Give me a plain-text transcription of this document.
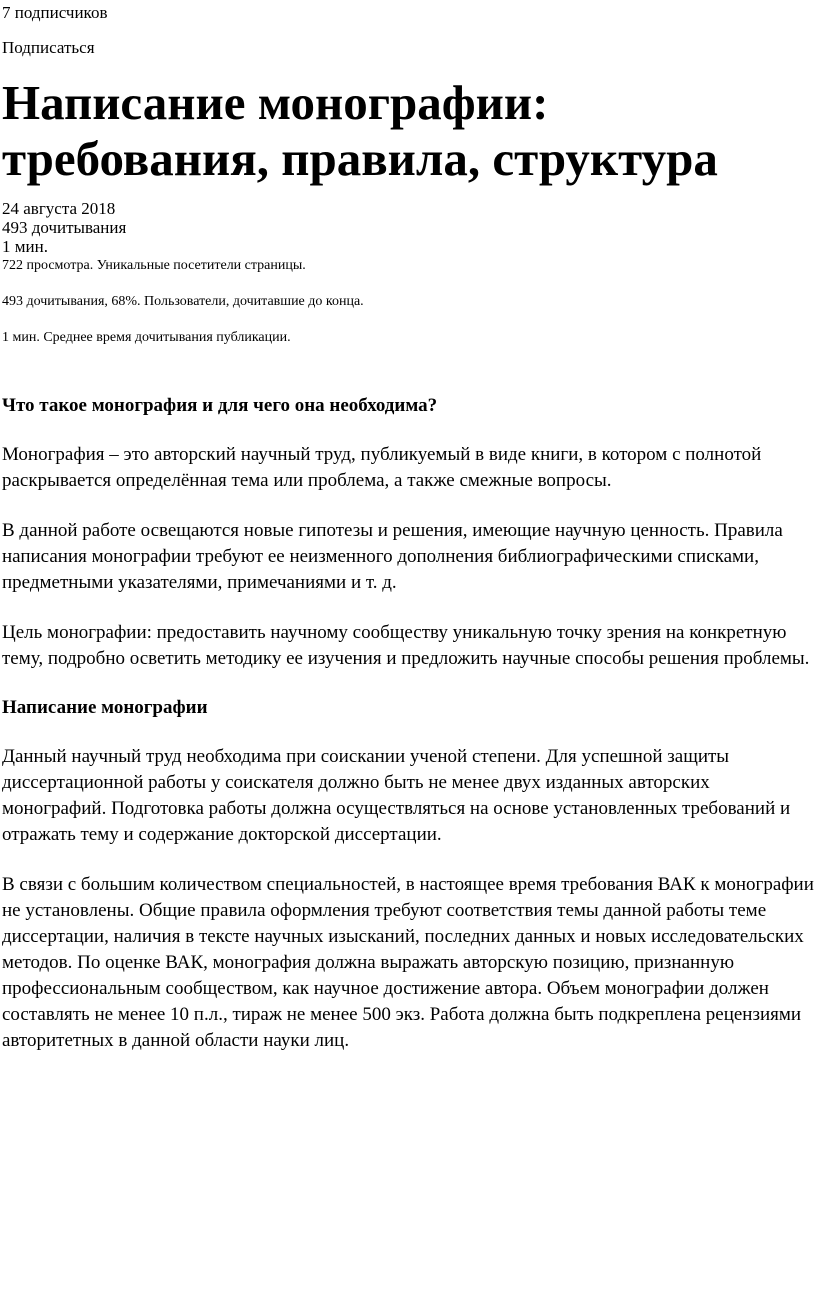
7 подписчиков

Подписаться
Написание монографии: требования, правила, структура
24 августа 2018
493 дочитывания
1 мин.

722 просмотра. Уникальные посетители страницы.

493 дочитывания, 68%. Пользователи, дочитавшие до конца.

1 мин. Среднее время дочитывания публикации.

Что такое монография и для чего она необходима?

Монография – это авторский научный труд, публикуемый в виде книги, в котором с полнотой раскрывается определённая тема или проблема, а также смежные вопросы.

В данной работе освещаются новые гипотезы и решения, имеющие научную ценность. Правила написания монографии требуют ее неизменного дополнения библиографическими списками, предметными указателями, примечаниями и т. д.

Цель монографии: предоставить научному сообществу уникальную точку зрения на конкретную тему, подробно осветить методику ее изучения и предложить научные способы решения проблемы.

Написание монографии

Данный научный труд необходима при соискании ученой степени. Для успешной защиты диссертационной работы у соискателя должно быть не менее двух изданных авторских монографий. Подготовка работы должна осуществляться на основе установленных требований и отражать тему и содержание докторской диссертации.

В связи с большим количеством специальностей, в настоящее время требования ВАК к монографии не установлены. Общие правила оформления требуют соответствия темы данной работы теме диссертации, наличия в тексте научных изысканий, последних данных и новых исследовательских методов. По оценке ВАК, монография должна выражать авторскую позицию, признанную профессиональным сообществом, как научное достижение автора. Объем монографии должен составлять не менее 10 п.л., тираж не менее 500 экз. Работа должна быть подкреплена рецензиями авторитетных в данной области науки лиц.
